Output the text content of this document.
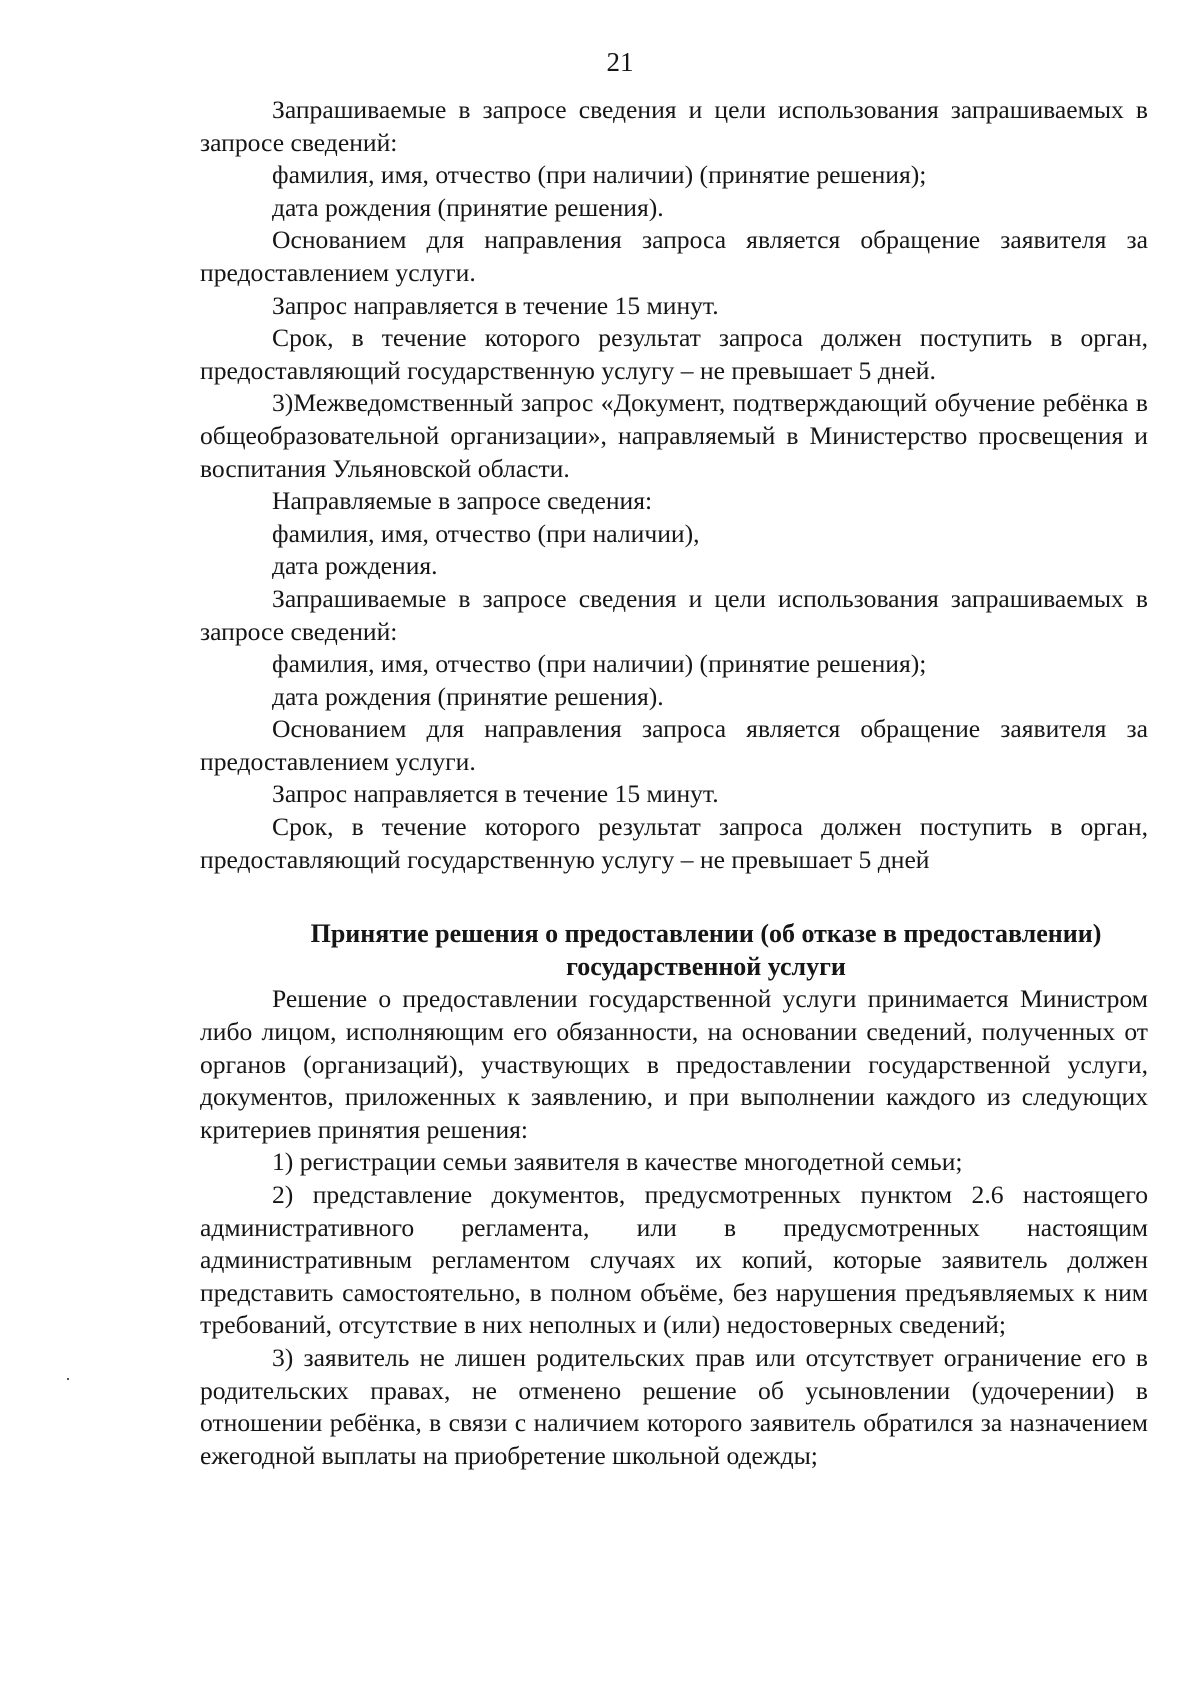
21

Запрашиваемые в запросе сведения и цели использования запрашиваемых в запросе сведений:

фамилия, имя, отчество (при наличии) (принятие решения);

дата рождения (принятие решения).

Основанием для направления запроса является обращение заявителя за предоставлением услуги.

Запрос направляется в течение 15 минут.

Срок, в течение которого результат запроса должен поступить в орган, предоставляющий государственную услугу – не превышает 5 дней.

3)Межведомственный запрос «Документ, подтверждающий обучение ребёнка в общеобразовательной организации», направляемый в Министерство просвещения и воспитания Ульяновской области.

Направляемые в запросе сведения:

фамилия, имя, отчество (при наличии),

дата рождения.

Запрашиваемые в запросе сведения и цели использования запрашиваемых в запросе сведений:

фамилия, имя, отчество (при наличии) (принятие решения);

дата рождения (принятие решения).

Основанием для направления запроса является обращение заявителя за предоставлением услуги.

Запрос направляется в течение 15 минут.

Срок, в течение которого результат запроса должен поступить в орган, предоставляющий государственную услугу – не превышает 5 дней

Принятие решения о предоставлении (об отказе в предоставлении)

государственной услуги

Решение о предоставлении государственной услуги принимается Министром либо лицом, исполняющим его обязанности, на основании сведений, полученных от органов (организаций), участвующих в предоставлении государственной услуги, документов, приложенных к заявлению, и при выполнении каждого из следующих критериев принятия решения:

1) регистрации семьи заявителя в качестве многодетной семьи;

2) представление документов, предусмотренных пунктом 2.6 настоящего административного регламента, или в предусмотренных настоящим административным регламентом случаях их копий, которые заявитель должен представить самостоятельно, в полном объёме, без нарушения предъявляемых к ним требований, отсутствие в них неполных и (или) недостоверных сведений;

3) заявитель не лишен родительских прав или отсутствует ограничение его в родительских правах, не отменено решение об усыновлении (удочерении) в отношении ребёнка, в связи с наличием которого заявитель обратился за назначением ежегодной выплаты на приобретение школьной одежды;
